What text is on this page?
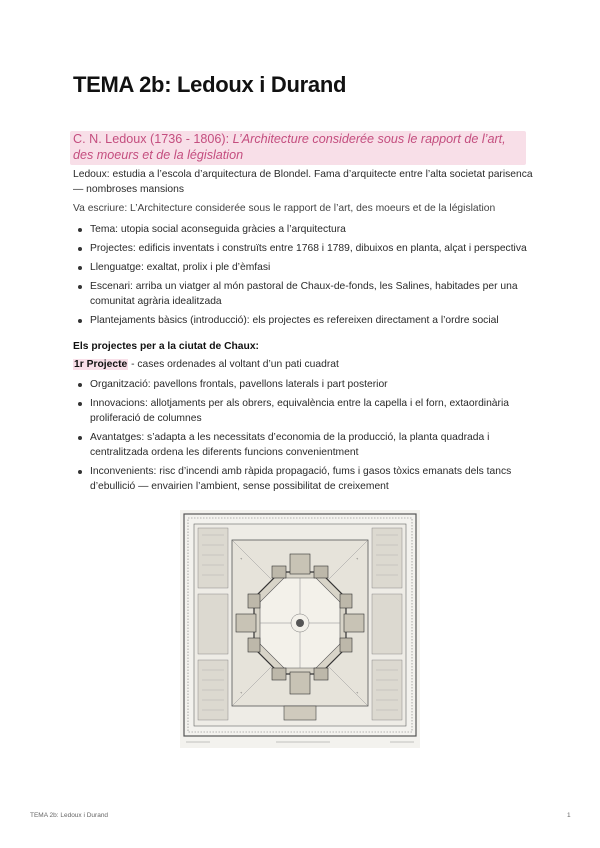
TEMA 2b: Ledoux i Durand
C. N. Ledoux (1736 - 1806): L’Architecture considerée sous le rapport de l’art, des moeurs et de la législation
Ledoux: estudia a l’escola d’arquitectura de Blondel. Fama d’arquitecte entre l’alta societat parisenca — nombroses mansions
Va escriure: L’Architecture considerée sous le rapport de l’art, des moeurs et de la législation
Tema: utopia social aconseguida gràcies a l’arquitectura
Projectes: edificis inventats i construïts entre 1768 i 1789, dibuixos en planta, alçat i perspectiva
Llenguatge: exaltat, prolix i ple d’èmfasi
Escenari: arriba un viatger al món pastoral de Chaux-de-fonds, les Salines, habitades per una comunitat agrària idealitzada
Plantejaments bàsics (introducció): els projectes es refereixen directament a l’ordre social
Els projectes per a la ciutat de Chaux:
1r Projecte - cases ordenades al voltant d’un pati cuadrat
Organització: pavellons frontals, pavellons laterals i part posterior
Innovacions: allotjaments per als obrers, equivalència entre la capella i el forn, extaordinària proliferació de columnes
Avantatges: s’adapta a les necessitats d’economia de la producció, la planta quadrada i centralitzada ordena les diferents funcions convenientment
Inconvenients: risc d’incendi amb ràpida propagació, fums i gasos tòxics emanats dels tancs d’ebullició — envairien l’ambient, sense possibilitat de creixement
+	+
+	+
TEMA 2b: Ledoux i Durand	1
